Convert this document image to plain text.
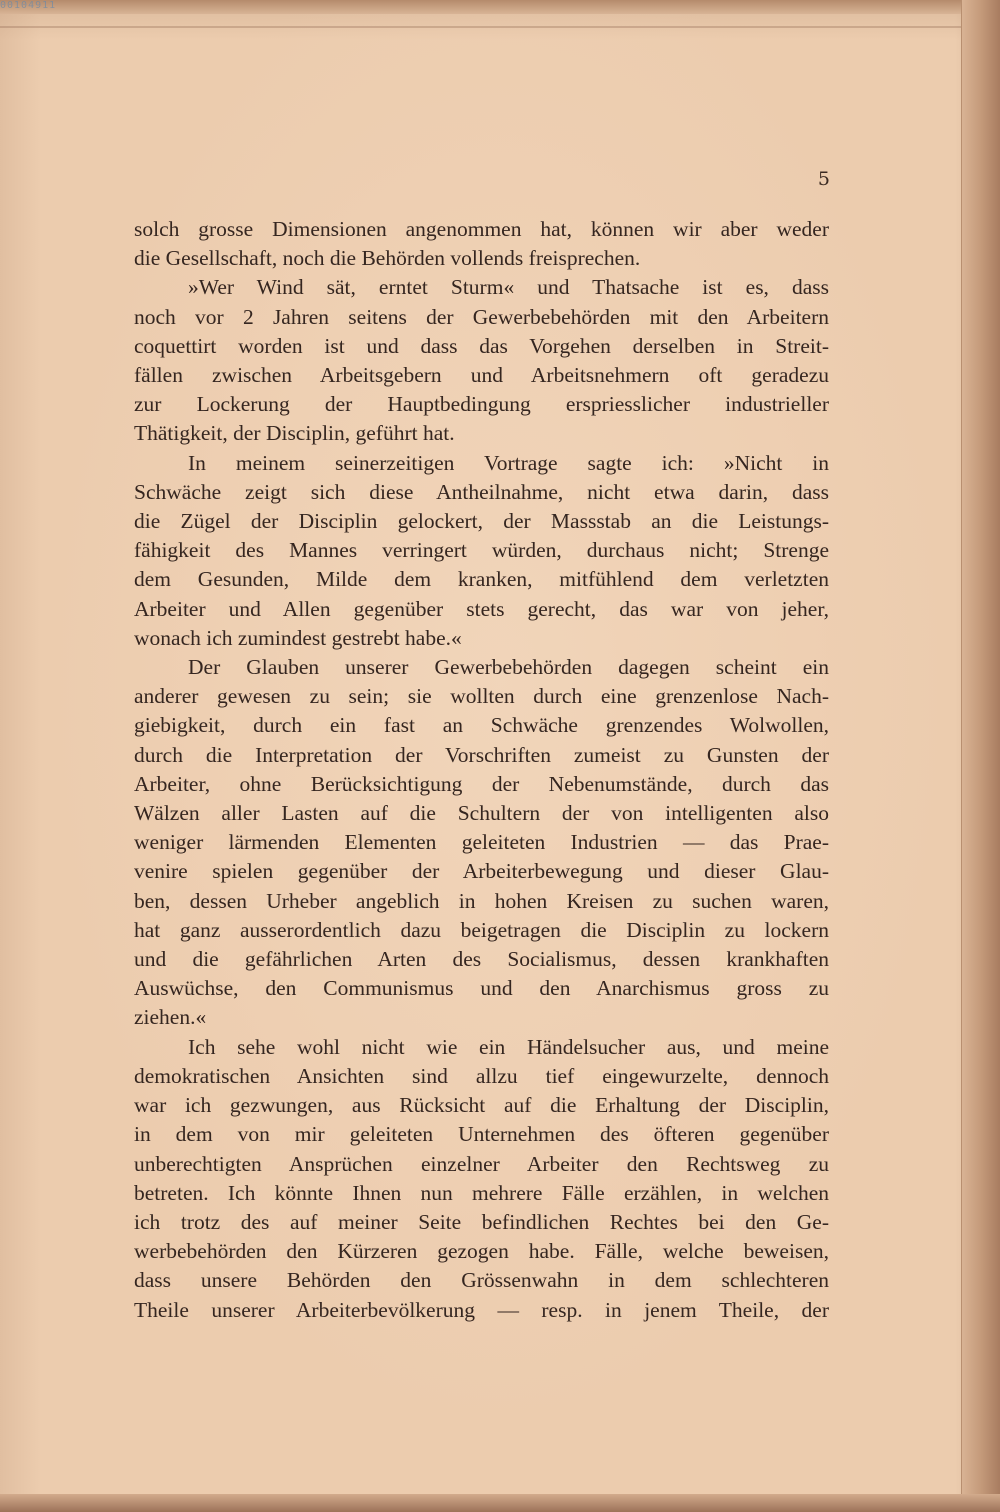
00104911
5
solch grosse Dimensionen angenommen hat, können wir aber weder
die Gesellschaft, noch die Behörden vollends freisprechen.
»Wer Wind sät, erntet Sturm« und Thatsache ist es, dass
noch vor 2 Jahren seitens der Gewerbebehörden mit den Arbeitern
coquettirt worden ist und dass das Vorgehen derselben in Streit-
fällen zwischen Arbeitsgebern und Arbeitsnehmern oft geradezu
zur Lockerung der Hauptbedingung erspriesslicher industrieller
Thätigkeit, der Disciplin, geführt hat.
In meinem seinerzeitigen Vortrage sagte ich: »Nicht in
Schwäche zeigt sich diese Antheilnahme, nicht etwa darin, dass
die Zügel der Disciplin gelockert, der Massstab an die Leistungs-
fähigkeit des Mannes verringert würden, durchaus nicht; Strenge
dem Gesunden, Milde dem kranken, mitfühlend dem verletzten
Arbeiter und Allen gegenüber stets gerecht, das war von jeher,
wonach ich zumindest gestrebt habe.«
Der Glauben unserer Gewerbebehörden dagegen scheint ein
anderer gewesen zu sein; sie wollten durch eine grenzenlose Nach-
giebigkeit, durch ein fast an Schwäche grenzendes Wolwollen,
durch die Interpretation der Vorschriften zumeist zu Gunsten der
Arbeiter, ohne Berücksichtigung der Nebenumstände, durch das
Wälzen aller Lasten auf die Schultern der von intelligenten also
weniger lärmenden Elementen geleiteten Industrien — das Prae-
venire spielen gegenüber der Arbeiterbewegung und dieser Glau-
ben, dessen Urheber angeblich in hohen Kreisen zu suchen waren,
hat ganz ausserordentlich dazu beigetragen die Disciplin zu lockern
und die gefährlichen Arten des Socialismus, dessen krankhaften
Auswüchse, den Communismus und den Anarchismus gross zu
ziehen.«
Ich sehe wohl nicht wie ein Händelsucher aus, und meine
demokratischen Ansichten sind allzu tief eingewurzelte, dennoch
war ich gezwungen, aus Rücksicht auf die Erhaltung der Disciplin,
in dem von mir geleiteten Unternehmen des öfteren gegenüber
unberechtigten Ansprüchen einzelner Arbeiter den Rechtsweg zu
betreten. Ich könnte Ihnen nun mehrere Fälle erzählen, in welchen
ich trotz des auf meiner Seite befindlichen Rechtes bei den Ge-
werbebehörden den Kürzeren gezogen habe. Fälle, welche beweisen,
dass unsere Behörden den Grössenwahn in dem schlechteren
Theile unserer Arbeiterbevölkerung — resp. in jenem Theile, der
